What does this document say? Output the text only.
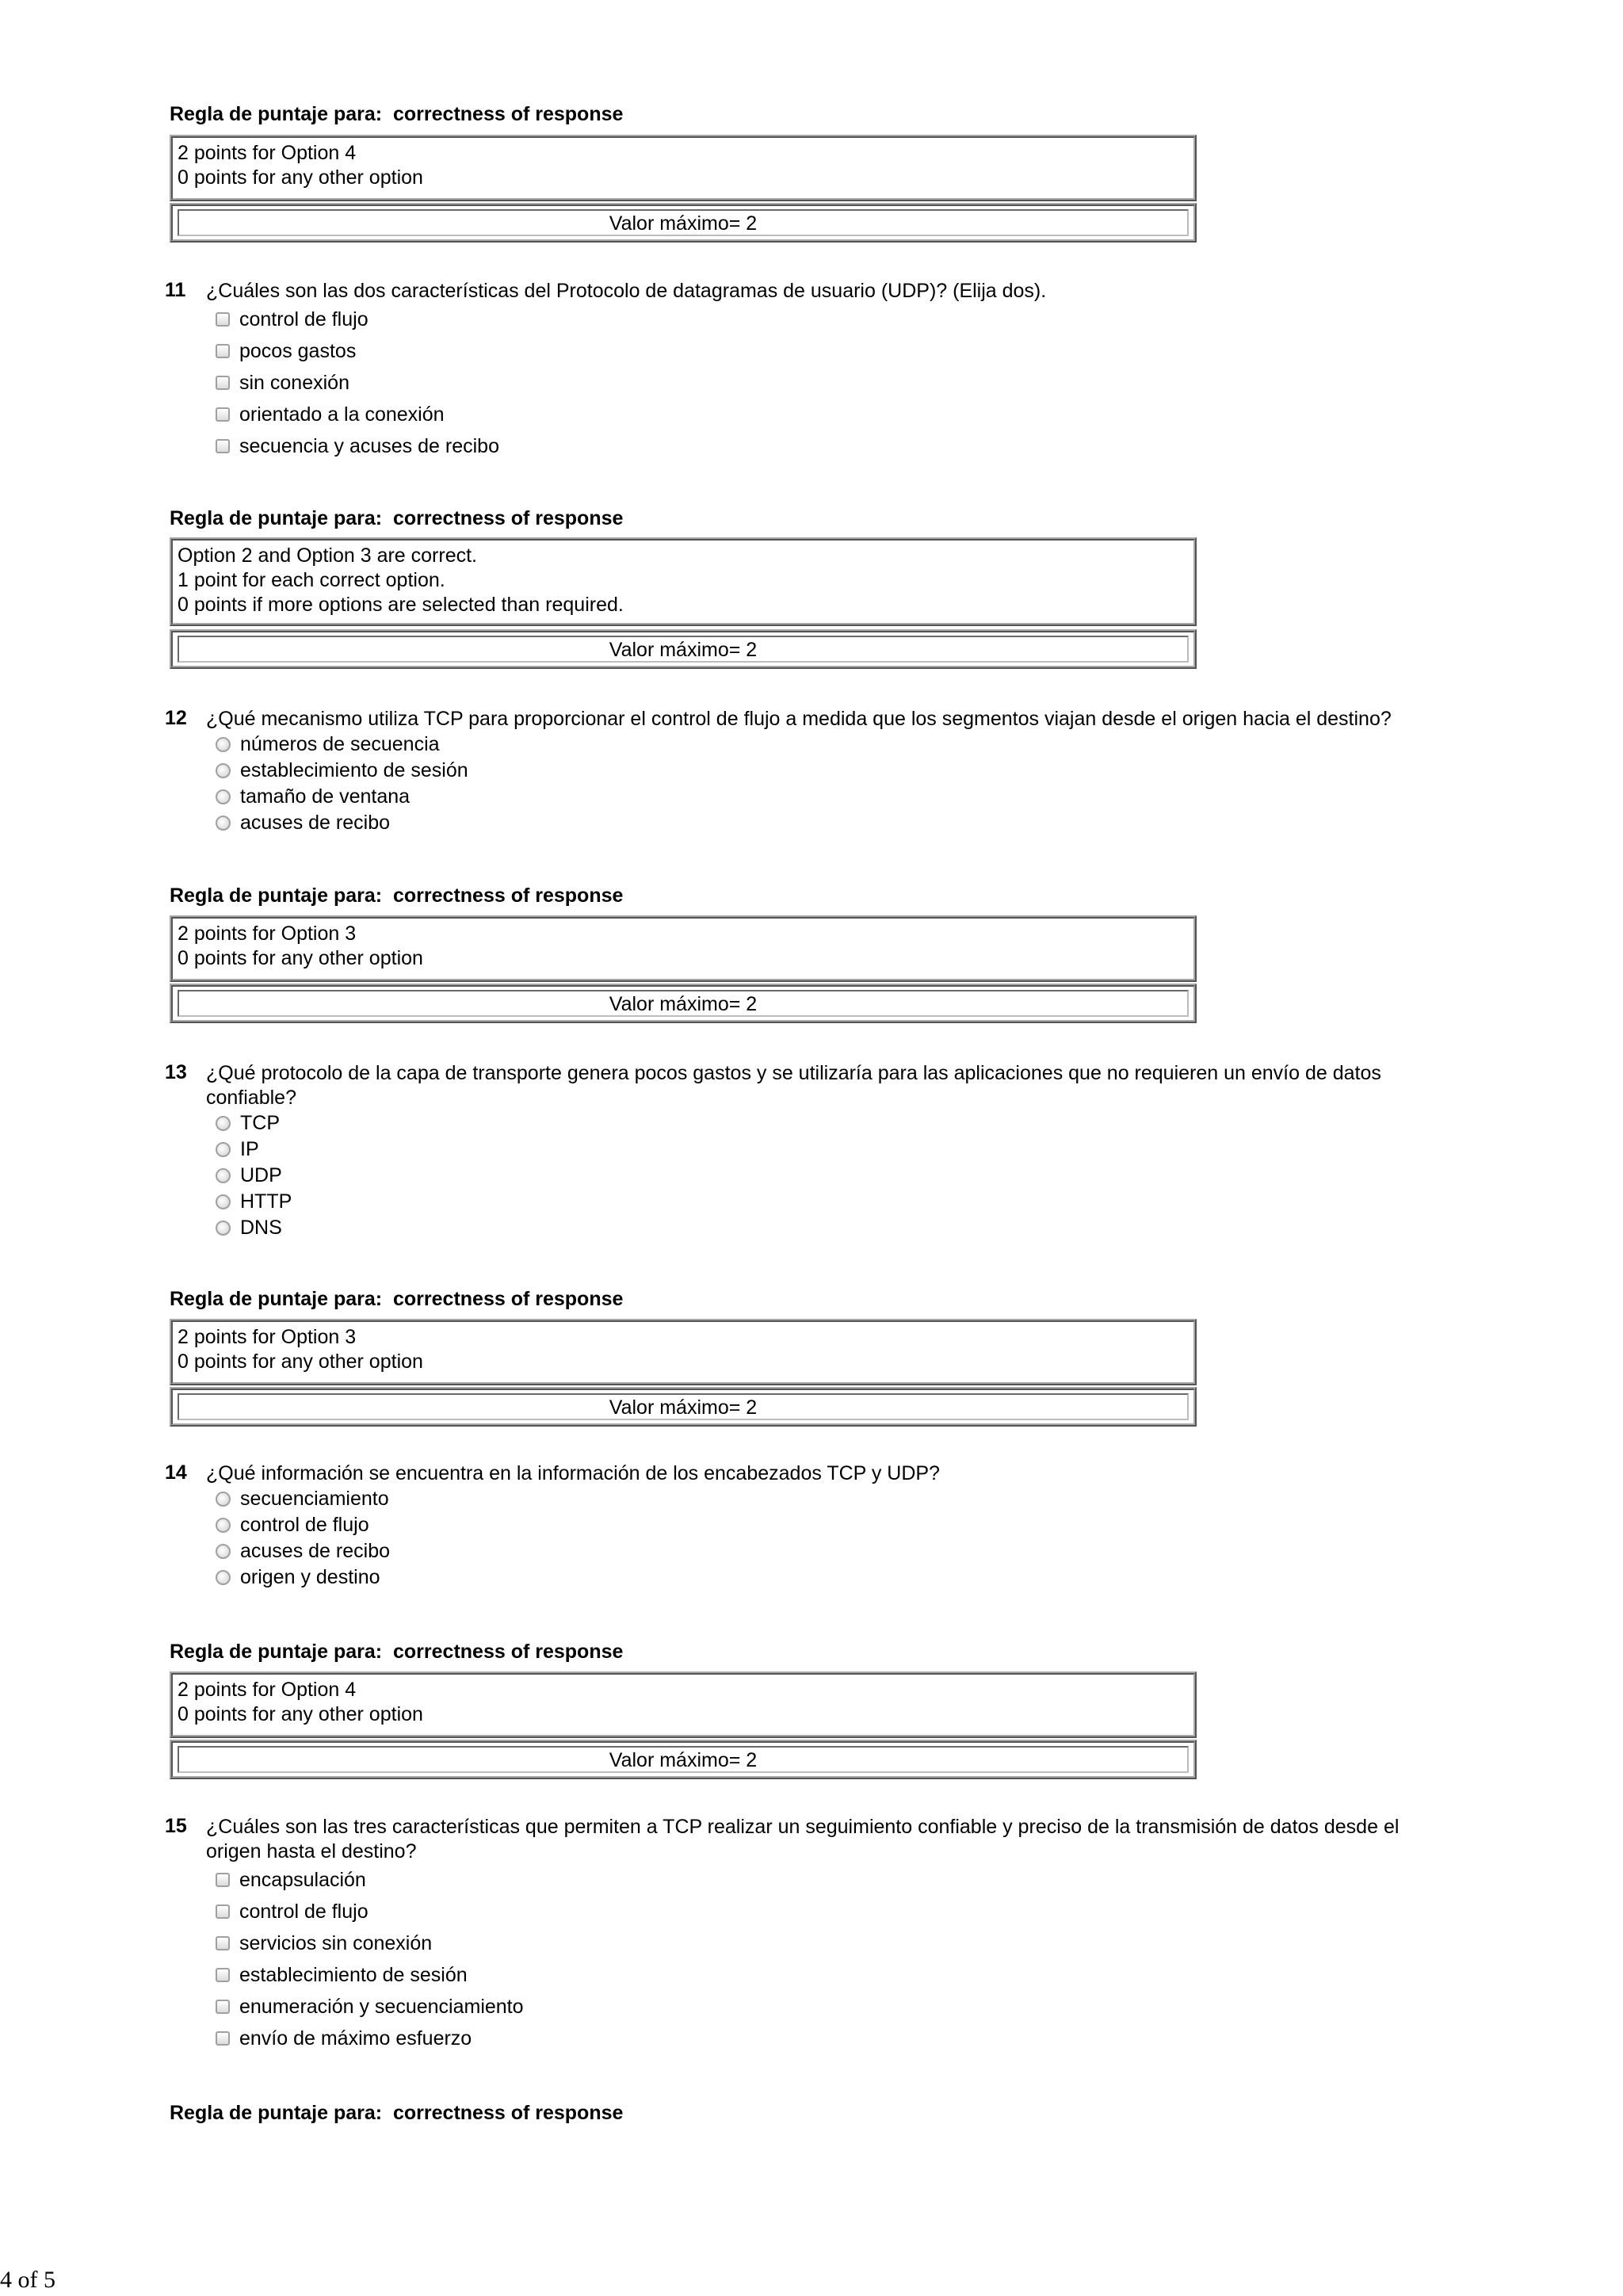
Regla de puntaje para:  correctness of response
2 points for Option 4
0 points for any other option
Valor máximo= 2
11	¿Cuáles son las dos características del Protocolo de datagramas de usuario (UDP)? (Elija dos).
control de flujo
pocos gastos
sin conexión
orientado a la conexión
secuencia y acuses de recibo
Regla de puntaje para:  correctness of response
Option 2 and Option 3 are correct.
1 point for each correct option.
0 points if more options are selected than required.
Valor máximo= 2
12 ¿Qué mecanismo utiliza TCP para proporcionar el control de flujo a medida que los segmentos viajan desde el origen hacia el destino?
números de secuencia
establecimiento de sesión
tamaño de ventana
acuses de recibo
Regla de puntaje para:  correctness of response
2 points for Option 3
0 points for any other option
Valor máximo= 2
13 ¿Qué protocolo de la capa de transporte genera pocos gastos y se utilizaría para las aplicaciones que no requieren un envío de datos confiable?
TCP
IP
UDP
HTTP
DNS
Regla de puntaje para:  correctness of response
2 points for Option 3
0 points for any other option
Valor máximo= 2
14 ¿Qué información se encuentra en la información de los encabezados TCP y UDP?
secuenciamiento
control de flujo
acuses de recibo
origen y destino
Regla de puntaje para:  correctness of response
2 points for Option 4
0 points for any other option
Valor máximo= 2
15 ¿Cuáles son las tres características que permiten a TCP realizar un seguimiento confiable y preciso de la transmisión de datos desde el origen hasta el destino?
encapsulación
control de flujo
servicios sin conexión
establecimiento de sesión
enumeración y secuenciamiento
envío de máximo esfuerzo
Regla de puntaje para:  correctness of response
4 of 5
